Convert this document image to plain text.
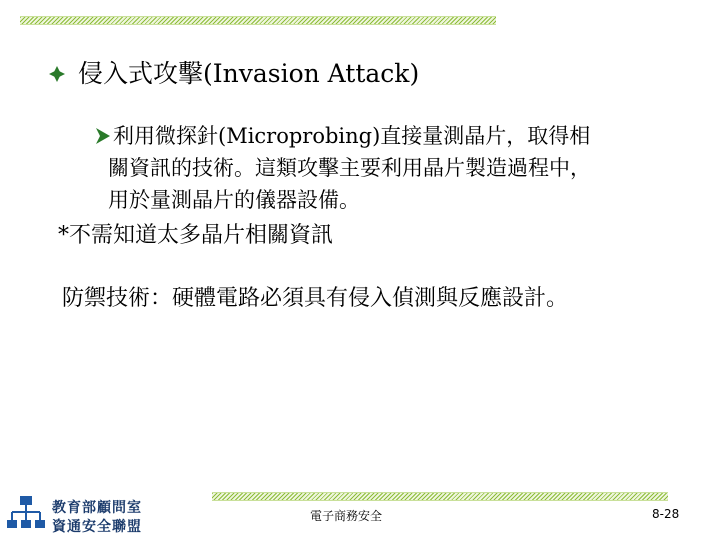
侵入式攻擊(Invasion Attack)
利用微探針(Microprobing)直接量測晶片，取得相
關資訊的技術。這類攻擊主要利用晶片製造過程中，
用於量測晶片的儀器設備。
*不需知道太多晶片相關資訊
防禦技術：硬體電路必須具有侵入偵測與反應設計。
教育部顧問室
資通安全聯盟
電子商務安全	8-28
